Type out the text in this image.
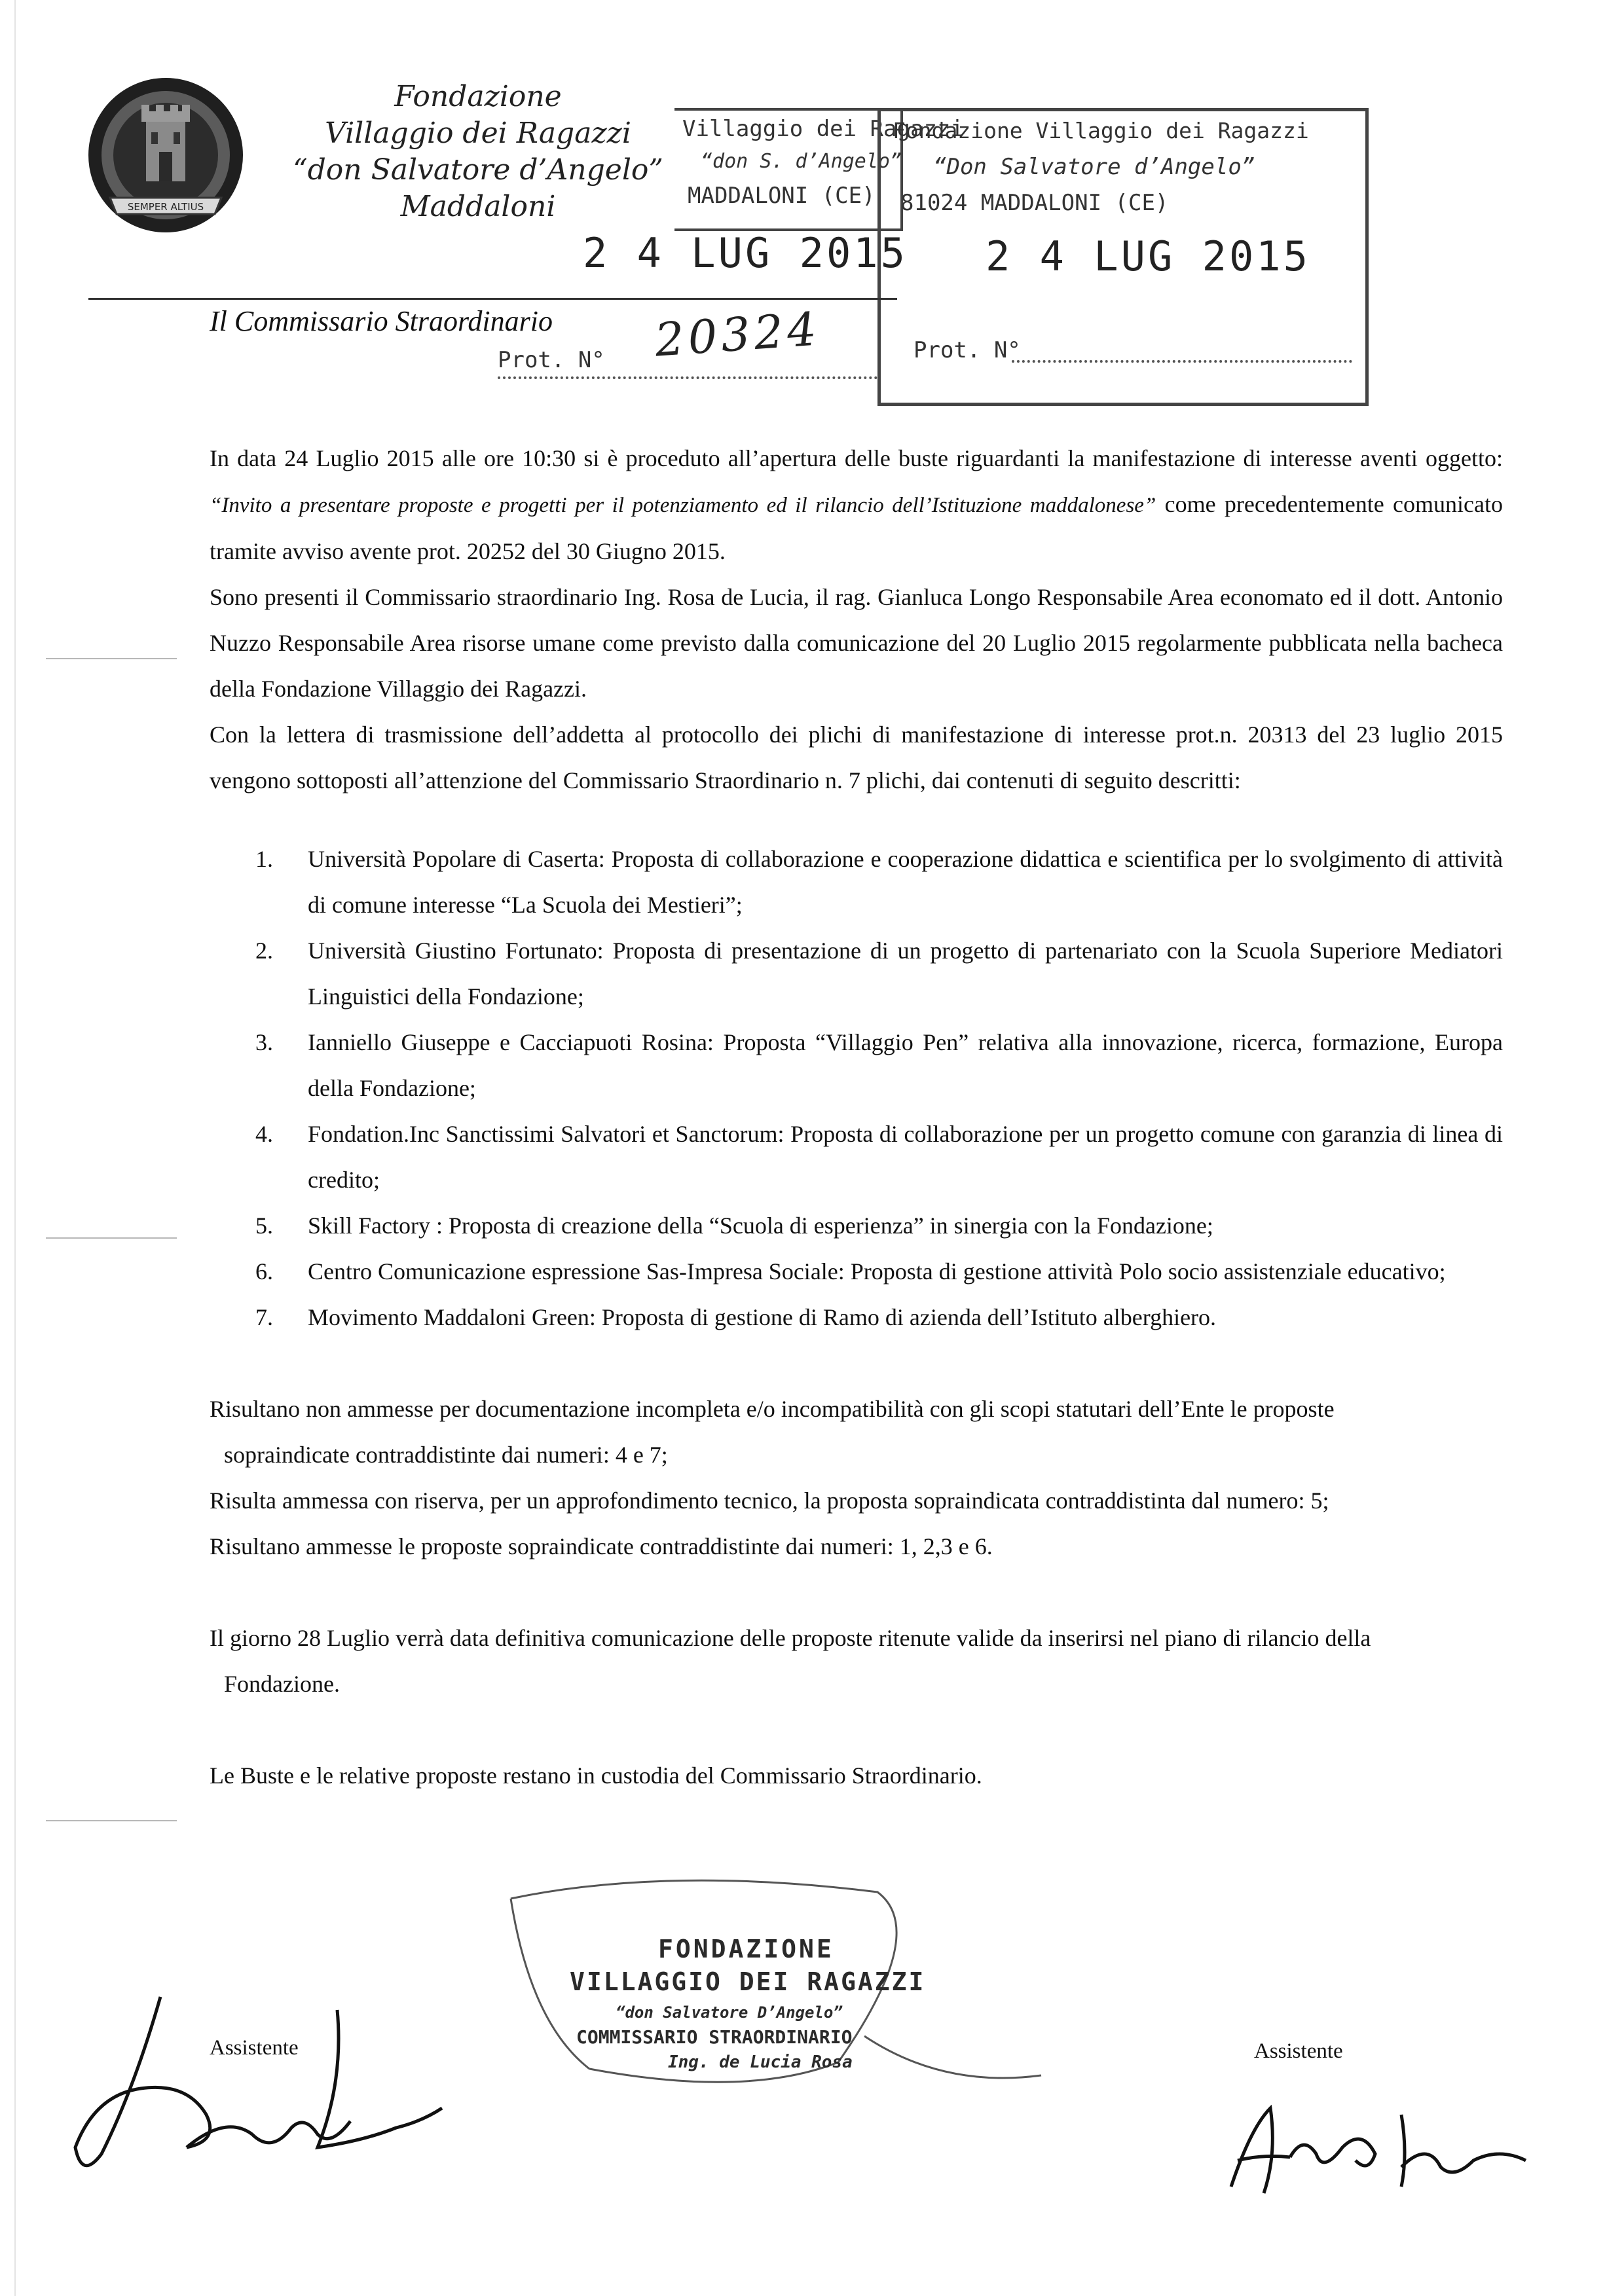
SEMPER ALTIUS
Fondazione
Villaggio dei Ragazzi
“don Salvatore d’Angelo”
Maddaloni
Villaggio dei Ragazzi
“don S. d’Angelo”
MADDALONI (CE)
2 4 LUG 2015
Fondazione Villaggio dei Ragazzi
“Don Salvatore d’Angelo”
81024 MADDALONI (CE)
2 4 LUG 2015
Prot. N°
Prot. N° 20324
Il Commissario Straordinario

In data 24 Luglio 2015 alle ore 10:30 si è proceduto all’apertura delle buste riguardanti la manifestazione di interesse aventi oggetto: “Invito a presentare proposte e progetti per il potenziamento ed il rilancio dell’Istituzione maddalonese” come precedentemente comunicato tramite avviso avente prot. 20252 del 30 Giugno 2015.

Sono presenti il Commissario straordinario Ing. Rosa de Lucia, il rag. Gianluca Longo Responsabile Area economato ed il dott. Antonio Nuzzo Responsabile Area risorse umane come previsto dalla comunicazione del 20 Luglio 2015 regolarmente pubblicata nella bacheca della Fondazione Villaggio dei Ragazzi.

Con la lettera di trasmissione dell’addetta al protocollo dei plichi di manifestazione di interesse prot.n. 20313 del 23 luglio 2015 vengono sottoposti all’attenzione del Commissario Straordinario n. 7 plichi, dai contenuti di seguito descritti:

1. Università Popolare di Caserta: Proposta di collaborazione e cooperazione didattica e scientifica per lo svolgimento di attività di comune interesse “La Scuola dei Mestieri”;
2. Università Giustino Fortunato: Proposta di presentazione di un progetto di partenariato con la Scuola Superiore Mediatori Linguistici della Fondazione;
3. Ianniello Giuseppe e Cacciapuoti Rosina: Proposta “Villaggio Pen” relativa alla innovazione, ricerca, formazione, Europa della Fondazione;
4. Fondation.Inc Sanctissimi Salvatori et Sanctorum: Proposta di collaborazione per un progetto comune con garanzia di linea di credito;
5. Skill Factory : Proposta di creazione della “Scuola di esperienza” in sinergia con la Fondazione;
6. Centro Comunicazione espressione Sas-Impresa Sociale: Proposta di gestione attività Polo socio assistenziale educativo;
7. Movimento Maddaloni Green: Proposta di gestione di Ramo di azienda dell’Istituto alberghiero.

Risultano non ammesse per documentazione incompleta e/o incompatibilità con gli scopi statutari dell’Ente le proposte

sopraindicate contraddistinte dai numeri: 4 e 7;

Risulta ammessa con riserva, per un approfondimento tecnico, la proposta sopraindicata contraddistinta dal numero: 5;

Risultano ammesse le proposte sopraindicate contraddistinte dai numeri: 1, 2,3 e 6.

Il giorno 28 Luglio verrà data definitiva comunicazione delle proposte ritenute valide da inserirsi nel piano di rilancio della

Fondazione.

Le Buste e le relative proposte restano in custodia del Commissario Straordinario.

FONDAZIONE
VILLAGGIO DEI RAGAZZI
“don Salvatore D’Angelo”
COMMISSARIO STRAORDINARIO
Ing. de Lucia Rosa
Assistente	Assistente
